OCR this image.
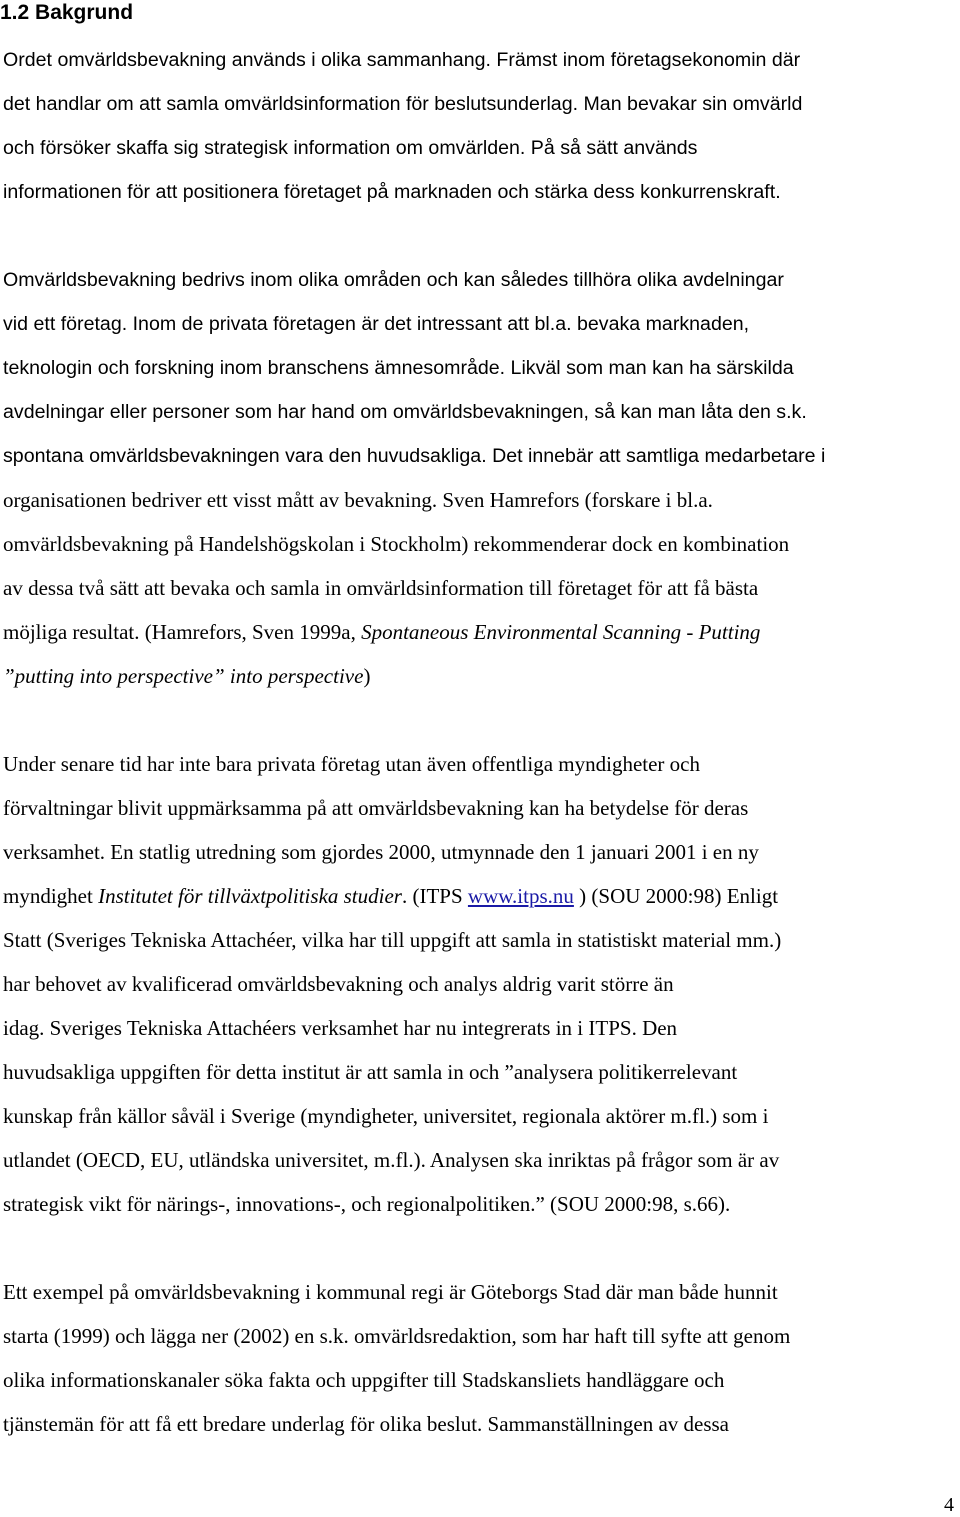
1.2 Bakgrund
Ordet omvärldsbevakning används i olika sammanhang. Främst inom företagsekonomin där
det handlar om att samla omvärldsinformation för beslutsunderlag. Man bevakar sin omvärld
och försöker skaffa sig strategisk information om omvärlden. På så sätt används
informationen för att positionera företaget på marknaden och stärka dess konkurrenskraft.
Omvärldsbevakning bedrivs inom olika områden och kan således tillhöra olika avdelningar
vid ett företag. Inom de privata företagen är det intressant att bl.a. bevaka marknaden,
teknologin och forskning inom branschens ämnesområde. Likväl som man kan ha särskilda
avdelningar eller personer som har hand om omvärldsbevakningen, så kan man låta den s.k.
spontana omvärldsbevakningen vara den huvudsakliga. Det innebär att samtliga medarbetare i
organisationen bedriver ett visst mått av bevakning. Sven Hamrefors (forskare i bl.a.
omvärldsbevakning på Handelshögskolan i Stockholm) rekommenderar dock en kombination
av dessa två sätt att bevaka och samla in omvärldsinformation till företaget för att få bästa
möjliga resultat. (Hamrefors, Sven 1999a, Spontaneous Environmental Scanning - Putting
”putting into perspective” into perspective)
Under senare tid har inte bara privata företag utan även offentliga myndigheter och
förvaltningar blivit uppmärksamma på att omvärldsbevakning kan ha betydelse för deras
verksamhet. En statlig utredning som gjordes 2000, utmynnade den 1 januari 2001 i en ny
myndighet Institutet för tillväxtpolitiska studier. (ITPS www.itps.nu ) (SOU 2000:98) Enligt
Statt (Sveriges Tekniska Attachéer, vilka har till uppgift att samla in statistiskt material mm.)
har behovet av kvalificerad omvärldsbevakning och analys aldrig varit större än
idag. Sveriges Tekniska Attachéers verksamhet har nu integrerats in i ITPS. Den
huvudsakliga uppgiften för detta institut är att samla in och ”analysera politikerrelevant
kunskap från källor såväl i Sverige (myndigheter, universitet, regionala aktörer m.fl.) som i
utlandet (OECD, EU, utländska universitet, m.fl.). Analysen ska inriktas på frågor som är av
strategisk vikt för närings-, innovations-, och regionalpolitiken.” (SOU 2000:98, s.66).
Ett exempel på omvärldsbevakning i kommunal regi är Göteborgs Stad där man både hunnit
starta (1999) och lägga ner (2002) en s.k. omvärldsredaktion, som har haft till syfte att genom
olika informationskanaler söka fakta och uppgifter till Stadskansliets handläggare och
tjänstemän för att få ett bredare underlag för olika beslut. Sammanställningen av dessa
4
